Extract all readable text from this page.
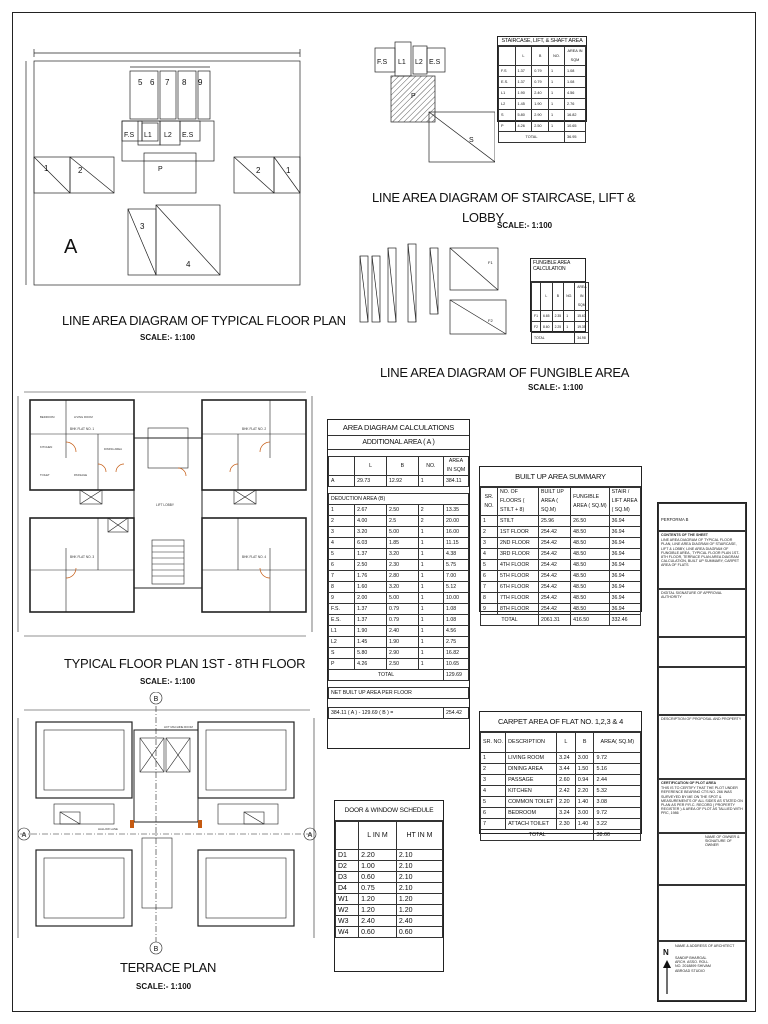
5 6 7 8 9
F.S L1 L2 E.S
P
1	2
3
4
2	1
A
LINE AREA DIAGRAM OF TYPICAL FLOOR PLAN
SCALE:- 1:100
F.S L1 L2 E.S
P
S
LINE AREA DIAGRAM OF STAIRCASE, LIFT &
LOBBY
SCALE:- 1:100
STAIRCASE, LIFT, & SHAFT AREA
	L	B	NO.	AREA IN SQM
F.S	1.37	0.79	1	1.08
E.S.	1.37	0.79	1	1.08
L1	1.90	2.40	1	4.56
L2	1.45	1.90	1	2.76
S	5.80	2.90	1	16.82
P	4.26	2.50	1	10.65
TOTAL				36.95
F1
F2
LINE AREA DIAGRAM OF FUNGIBLE AREA
SCALE:- 1:100
FUNGIBLE AREA CALCULATION
	L	B	NO.	AREA IN SQM
F1	6.65	2.35	1	15.63
F2	8.60	2.25	1	19.35
TOTAL				34.98
BEDROOM	LIVING ROOM
KITCHEN	DINING AREA
PASSAGE
TOILET
LIFT LOBBY
BHK FLAT NO. 1	BHK FLAT NO. 2
BHK FLAT NO. 3	BHK FLAT NO. 4
TYPICAL FLOOR PLAN 1ST - 8TH FLOOR
SCALE:- 1:100
AREA DIAGRAM CALCULATIONS
ADDITIONAL AREA ( A )
	L	B	NO.	AREA IN SQM
A	29.73	12.92	1	384.11

DEDUCTION AREA (B)				
1	2.67	2.50	2	13.35
2	4.00	2.5	2	20.00
3	3.20	5.00	1	16.00
4	6.03	1.85	1	11.15
5	1.37	3.20	1	4.38
6	2.50	2.30	1	5.75
7	1.76	2.80	1	7.00
8	1.60	3.20	1	5.12
9	2.00	5.00	1	10.00
F.S.	1.37	0.79	1	1.08
E.S.	1.37	0.79	1	1.08
L1	1.90	2.40	1	4.56
L2	1.45	1.90	1	2.75
S	5.80	2.90	1	16.82
P	4.26	2.50	1	10.65
TOTAL				129.69

NET BUILT UP AREA PER FLOOR				

384.11 ( A ) - 129.69 ( B ) =				254.42
BUILT UP AREA SUMMARY
SR. NO.	NO. OF FLOORS ( STILT + 8)	BUILT UP AREA ( SQ.M)	FUNGIBLE AREA ( SQ.M)	STAIR / LIFT AREA ( SQ.M)
1	STILT	25.96	26.50	36.94
2	1ST FLOOR	254.42	48.50	36.94
3	2ND FLOOR	254.42	48.50	36.94
4	3RD FLOOR	254.42	48.50	36.94
5	4TH FLOOR	254.42	48.50	36.94
6	5TH FLOOR	254.42	48.50	36.94
7	6TH FLOOR	254.42	48.50	36.94
8	7TH FLOOR	254.42	48.50	36.94
9	8TH FLOOR	254.42	48.50	36.94
TOTAL		2061.31	416.50	332.46
CARPET AREA OF FLAT NO. 1,2,3 & 4
SR. NO.	DESCRIPTION	L	B	AREA( SQ.M)
1	LIVING ROOM	3.24	3.00	9.72
2	DINING AREA	3.44	1.50	5.16
3	PASSAGE	2.60	0.94	2.44
4	KITCHEN	2.42	2.20	5.32
5	COMMON TOILET	2.20	1.40	3.08
6	BEDROOM	3.24	3.00	9.72
7	ATTACH TOILET	2.30	1.40	3.22
TOTAL				38.66
B
B
A	A
LIFT MACHINE ROOM
HALLOW LANE
TERRACE PLAN
SCALE:- 1:100
DOOR & WINDOW SCHEDULE
	L IN M	HT IN M
D1	2.20	2.10
D2	1.00	2.10
D3	0.60	2.10
D4	0.75	2.10
W1	1.20	1.20
W2	1.20	1.20
W3	2.40	2.40
W4	0.60	0.60
PERFORMA B
CONTENTS OF THE SHEET
LINE AREA DIAGRAM OF TYPICAL FLOOR PLAN, LINE AREA DIAGRAM OF STAIRCASE, LIFT & LOBBY, LINE AREA DIAGRAM OF FUNGIBLE AREA , TYPICAL FLOOR PLAN 1ST-8TH FLOOR, TERRACE PLAN AREA DIAGRAM CALCULATION, BUILT UP SUMMARY, CARPET AREA OF FLATS
DIGITAL SIGNATURE OF APPROVAL AUTHORITY
DESCRIPTION OF PROPOSAL AND PROPERTY
CERTIFICATION OF PLOT AREA
THIS IS TO CERTIFY THAT THE PLOT UNDER REFERENCE BEARING CTS NO. 266 WAS SURVEYED BY ME ON THE SPOT & MEASUREMENTS OF ALL SIDES AS STATED ON PLAN AS PER P.R.C. RECORD ( PROPERTY REGISTER ) & AREA OF PLOT AS TALLIED WITH PRC, 1986
NAME OF OWNER & SIGNATURE OF OWNER
N
NAME & ADDRESS OF ARCHITECT
SANDIP BHARGAL ARCH. ASSO. ROLL NO. 2018899 SHIVAM ABROAD STUDIO
